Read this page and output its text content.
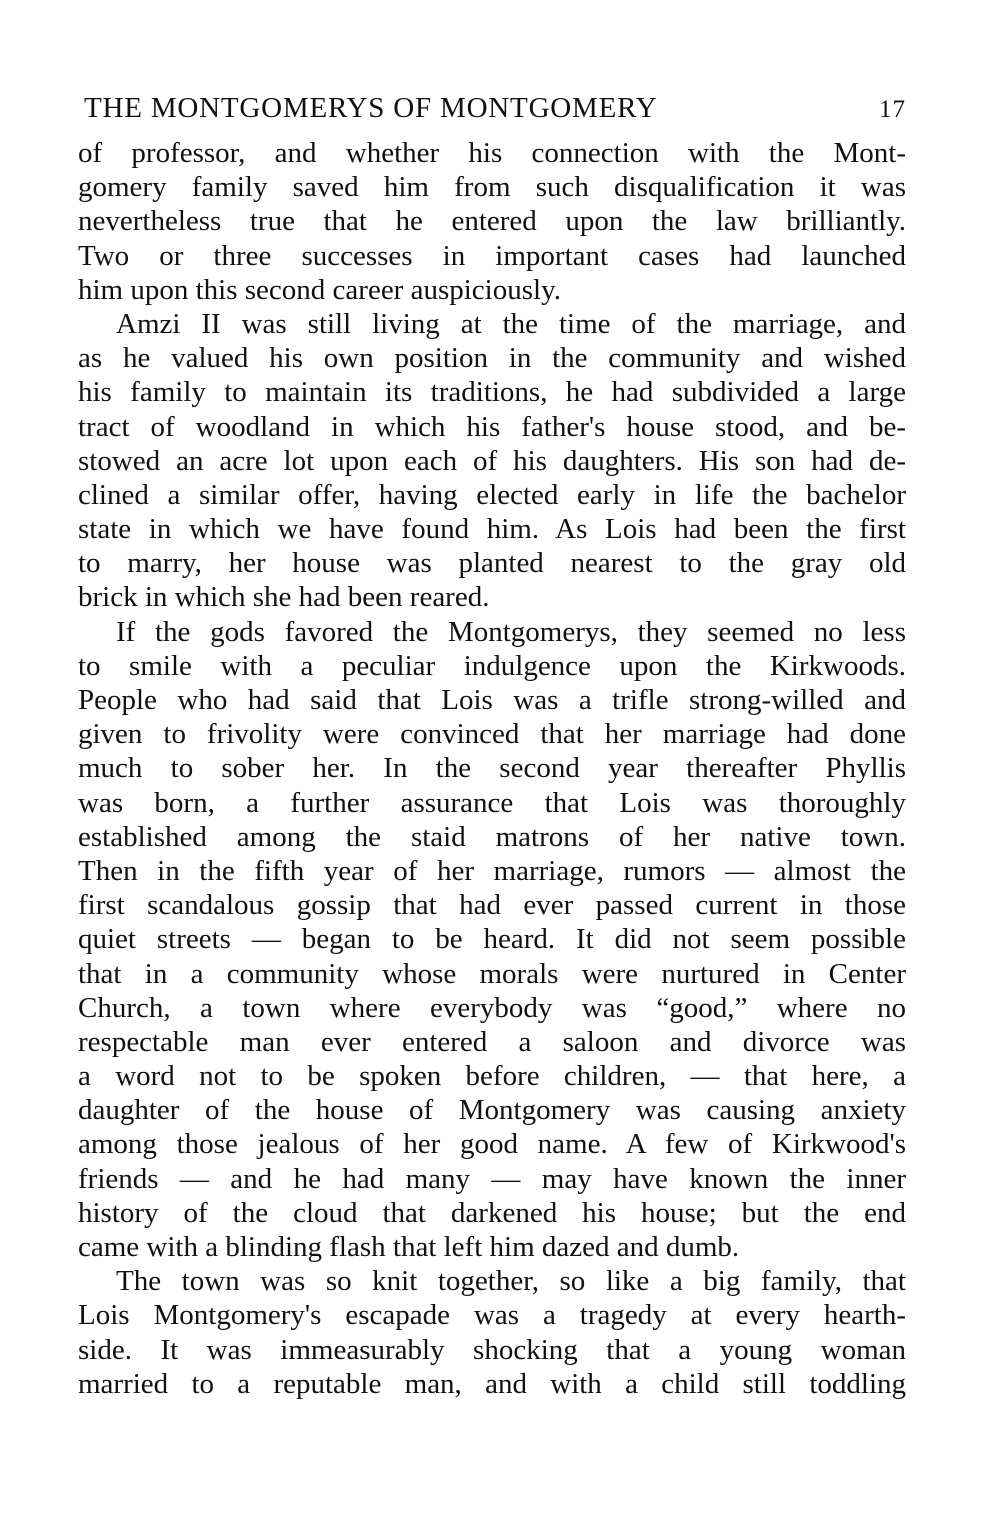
THE MONTGOMERYS OF MONTGOMERY	17
of professor, and whether his connection with the Mont-
gomery family saved him from such disqualification it was
nevertheless true that he entered upon the law brilliantly.
Two or three successes in important cases had launched
him upon this second career auspiciously.
Amzi II was still living at the time of the marriage, and
as he valued his own position in the community and wished
his family to maintain its traditions, he had subdivided a large
tract of woodland in which his father's house stood, and be-
stowed an acre lot upon each of his daughters. His son had de-
clined a similar offer, having elected early in life the bachelor
state in which we have found him. As Lois had been the first
to marry, her house was planted nearest to the gray old
brick in which she had been reared.
If the gods favored the Montgomerys, they seemed no less
to smile with a peculiar indulgence upon the Kirkwoods.
People who had said that Lois was a trifle strong-willed and
given to frivolity were convinced that her marriage had done
much to sober her. In the second year thereafter Phyllis
was born, a further assurance that Lois was thoroughly
established among the staid matrons of her native town.
Then in the fifth year of her marriage, rumors — almost the
first scandalous gossip that had ever passed current in those
quiet streets — began to be heard. It did not seem possible
that in a community whose morals were nurtured in Center
Church, a town where everybody was “good,” where no
respectable man ever entered a saloon and divorce was
a word not to be spoken before children, — that here, a
daughter of the house of Montgomery was causing anxiety
among those jealous of her good name. A few of Kirkwood's
friends — and he had many — may have known the inner
history of the cloud that darkened his house; but the end
came with a blinding flash that left him dazed and dumb.
The town was so knit together, so like a big family, that
Lois Montgomery's escapade was a tragedy at every hearth-
side. It was immeasurably shocking that a young woman
married to a reputable man, and with a child still toddling
